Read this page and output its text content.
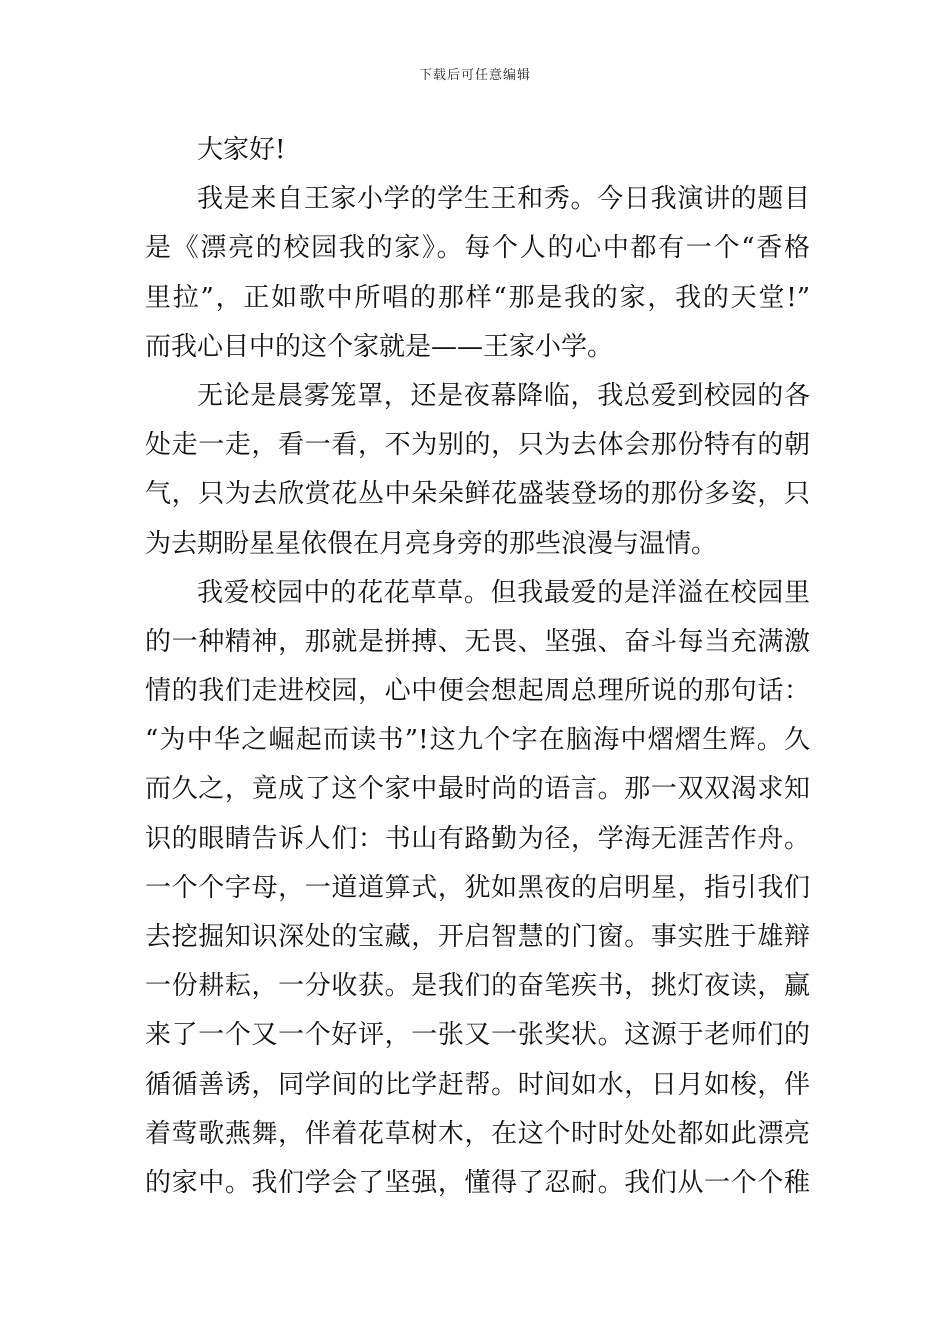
下载后可任意编辑
大家好!
我是来自王家小学的学生王和秀。今日我演讲的题目
是《漂亮的校园我的家》。每个人的心中都有一个“香格
里拉”，正如歌中所唱的那样“那是我的家，我的天堂!”
而我心目中的这个家就是——王家小学。
无论是晨雾笼罩，还是夜幕降临，我总爱到校园的各
处走一走，看一看，不为别的，只为去体会那份特有的朝
气，只为去欣赏花丛中朵朵鲜花盛装登场的那份多姿，只
为去期盼星星依偎在月亮身旁的那些浪漫与温情。
我爱校园中的花花草草。但我最爱的是洋溢在校园里
的一种精神，那就是拼搏、无畏、坚强、奋斗每当充满激
情的我们走进校园，心中便会想起周总理所说的那句话：
“为中华之崛起而读书”!这九个字在脑海中熠熠生辉。久
而久之，竟成了这个家中最时尚的语言。那一双双渴求知
识的眼睛告诉人们：书山有路勤为径，学海无涯苦作舟。
一个个字母，一道道算式，犹如黑夜的启明星，指引我们
去挖掘知识深处的宝藏，开启智慧的门窗。事实胜于雄辩
一份耕耘，一分收获。是我们的奋笔疾书，挑灯夜读，赢
来了一个又一个好评，一张又一张奖状。这源于老师们的
循循善诱，同学间的比学赶帮。时间如水，日月如梭，伴
着莺歌燕舞，伴着花草树木，在这个时时处处都如此漂亮
的家中。我们学会了坚强，懂得了忍耐。我们从一个个稚
